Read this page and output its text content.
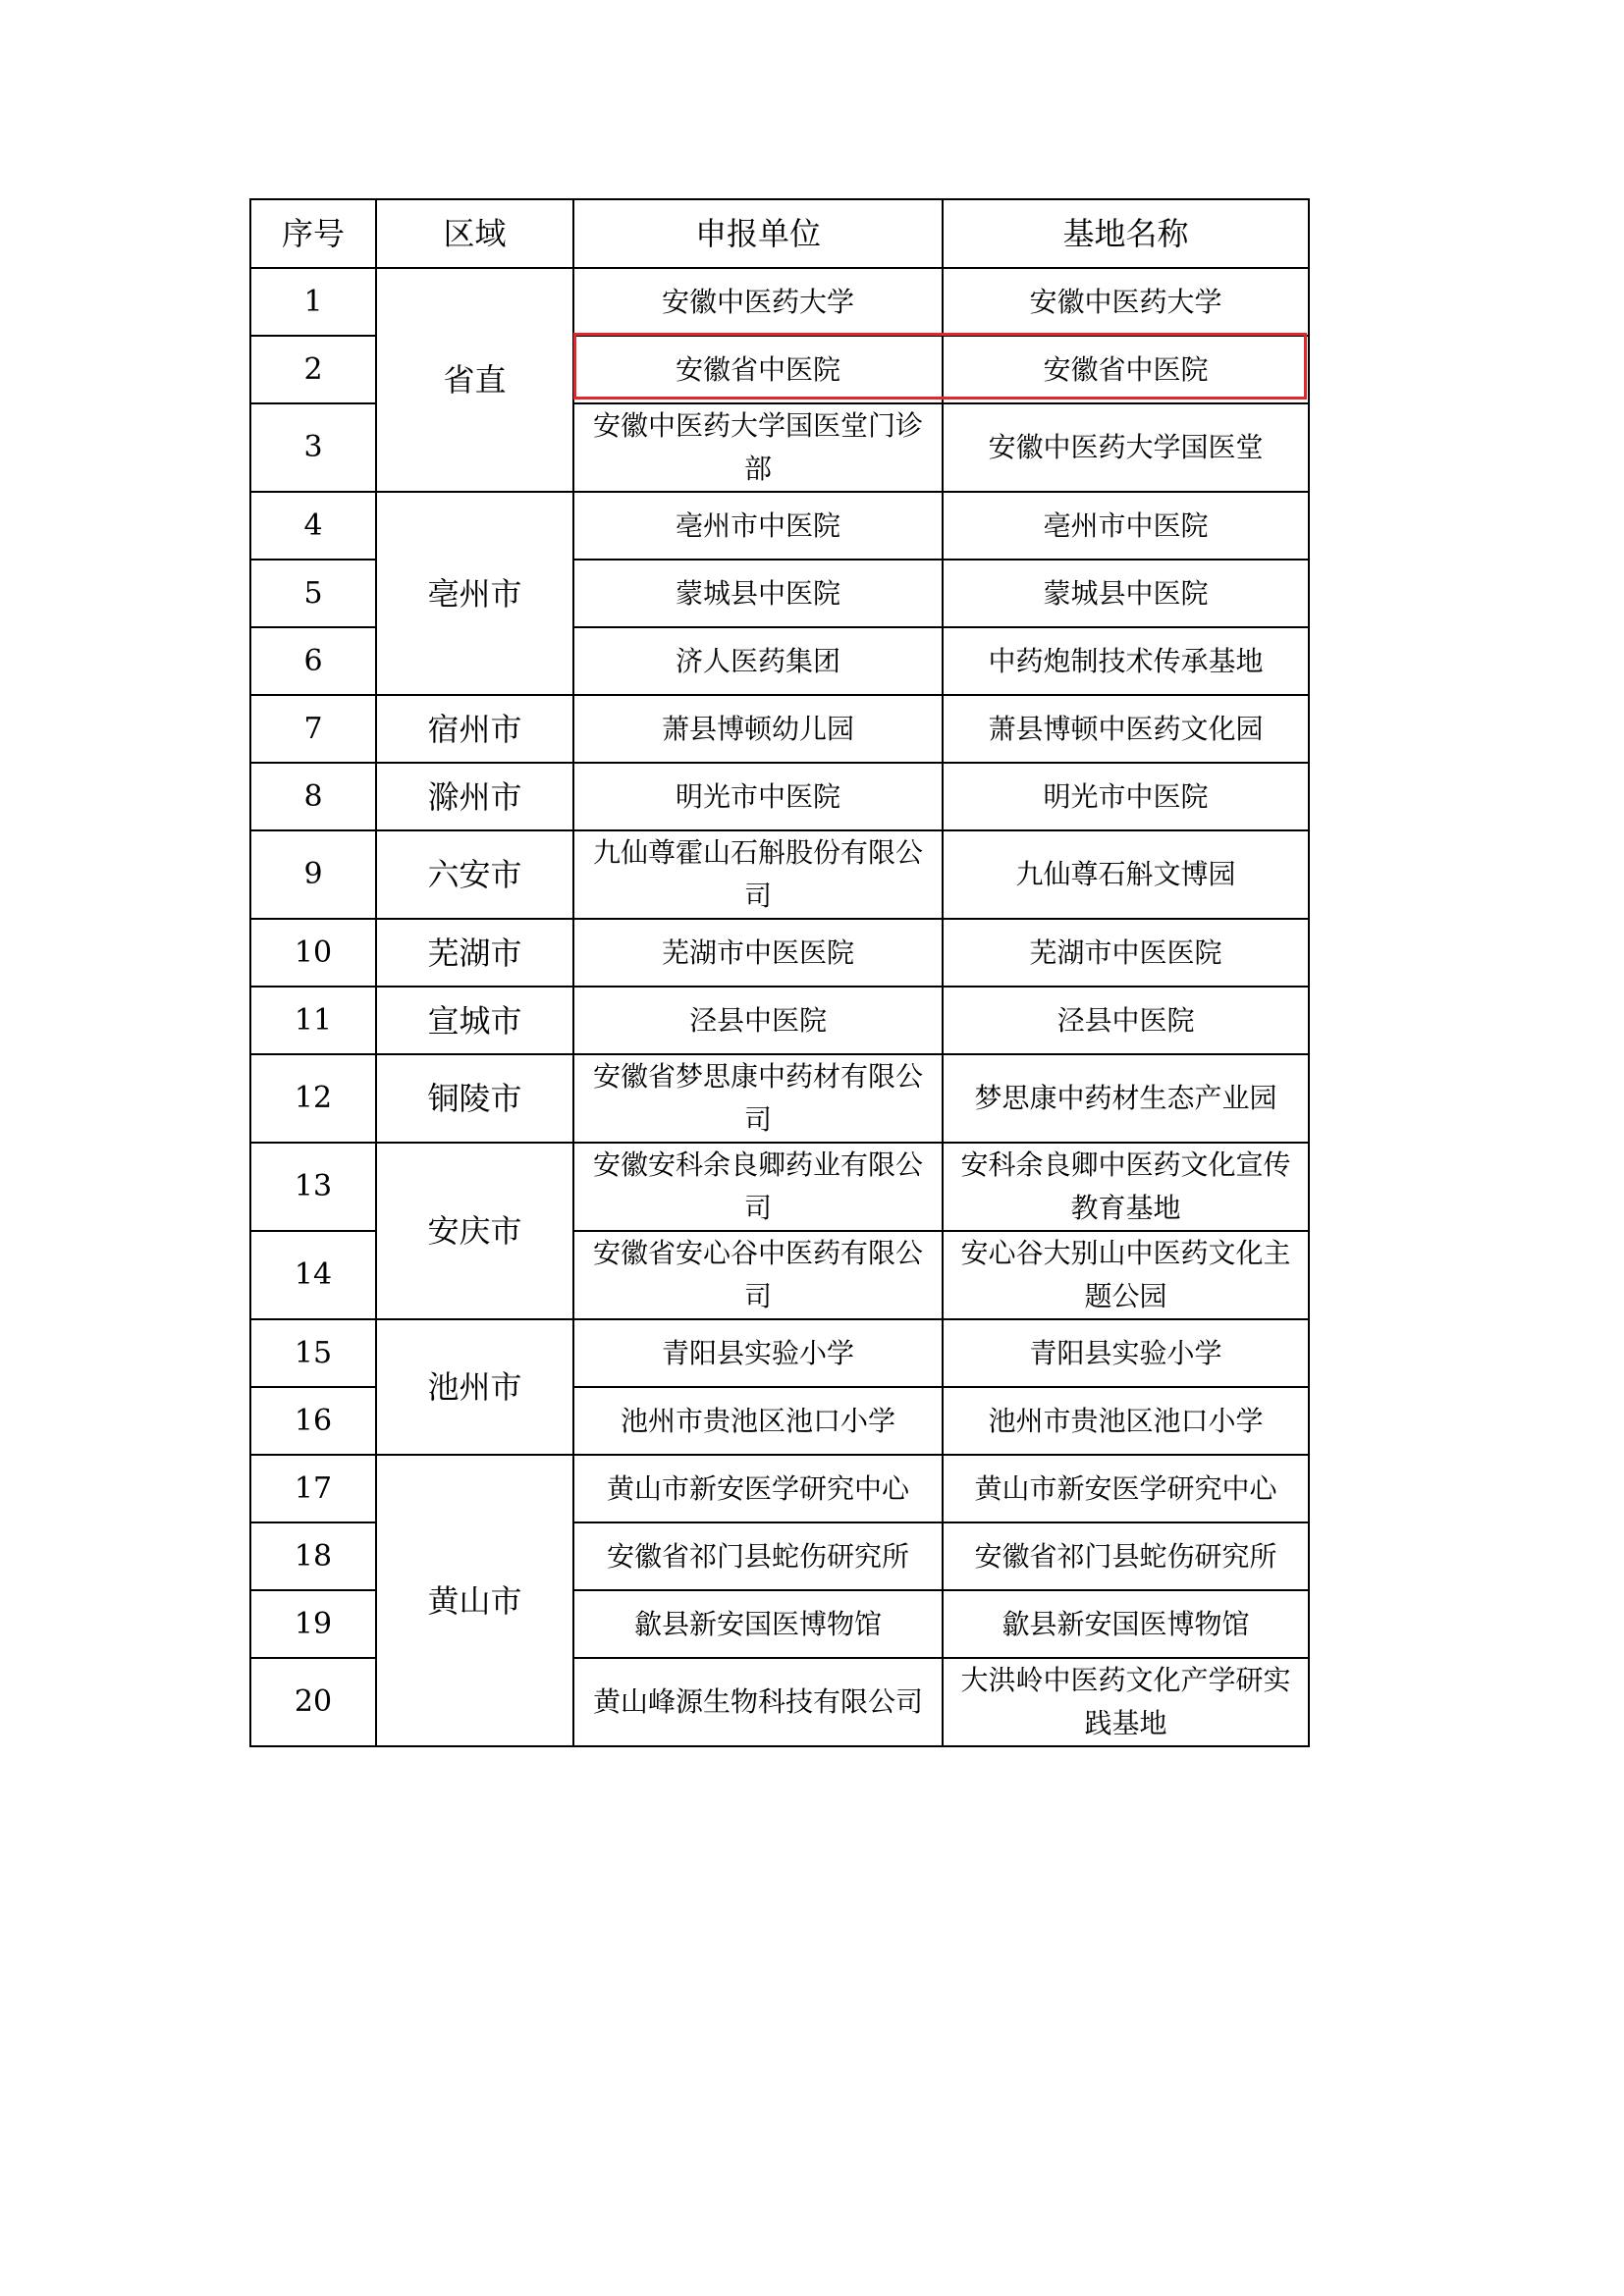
序号	区域	申报单位	基地名称
1	省直	安徽中医药大学	安徽中医药大学
2		安徽省中医院	安徽省中医院
3		安徽中医药大学国医堂门诊部	安徽中医药大学国医堂
4	亳州市	亳州市中医院	亳州市中医院
5		蒙城县中医院	蒙城县中医院
6		济人医药集团	中药炮制技术传承基地
7	宿州市	萧县博顿幼儿园	萧县博顿中医药文化园
8	滁州市	明光市中医院	明光市中医院
9	六安市	九仙尊霍山石斛股份有限公司	九仙尊石斛文博园
10	芜湖市	芜湖市中医医院	芜湖市中医医院
11	宣城市	泾县中医院	泾县中医院
12	铜陵市	安徽省梦思康中药材有限公司	梦思康中药材生态产业园
13	安庆市	安徽安科余良卿药业有限公司	安科余良卿中医药文化宣传教育基地
14		安徽省安心谷中医药有限公司	安心谷大别山中医药文化主题公园
15	池州市	青阳县实验小学	青阳县实验小学
16		池州市贵池区池口小学	池州市贵池区池口小学
17	黄山市	黄山市新安医学研究中心	黄山市新安医学研究中心
18		安徽省祁门县蛇伤研究所	安徽省祁门县蛇伤研究所
19		歙县新安国医博物馆	歙县新安国医博物馆
20		黄山峰源生物科技有限公司	大洪岭中医药文化产学研实践基地
